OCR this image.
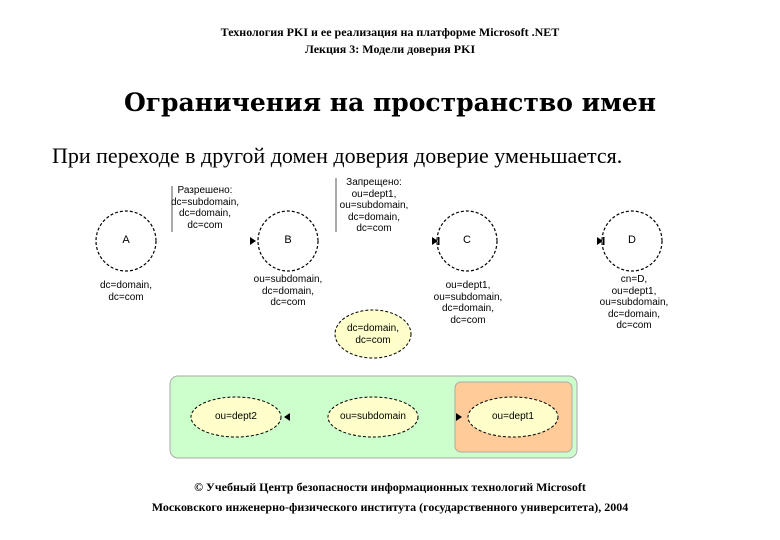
Технология PKI и ее реализация на платформе Microsoft .NET
Лекция 3: Модели доверия PKI
Ограничения на пространство имен
При переходе в другой домен доверия доверие уменьшается.
Разрешено:
dc=subdomain,
dc=domain,
dc=com
Запрещено:
ou=dept1,
ou=subdomain,
dc=domain,
dc=com
A	B	C	D
dc=domain,
dc=com
ou=subdomain,
dc=domain,
dc=com
ou=dept1,
ou=subdomain,
dc=domain,
dc=com
cn=D,
ou=dept1,
ou=subdomain,
dc=domain,
dc=com
dc=domain,
dc=com
ou=dept2	ou=subdomain	ou=dept1
© Учебный Центр безопасности информационных технологий Microsoft
Московского инженерно-физического института (государственного университета), 2004
